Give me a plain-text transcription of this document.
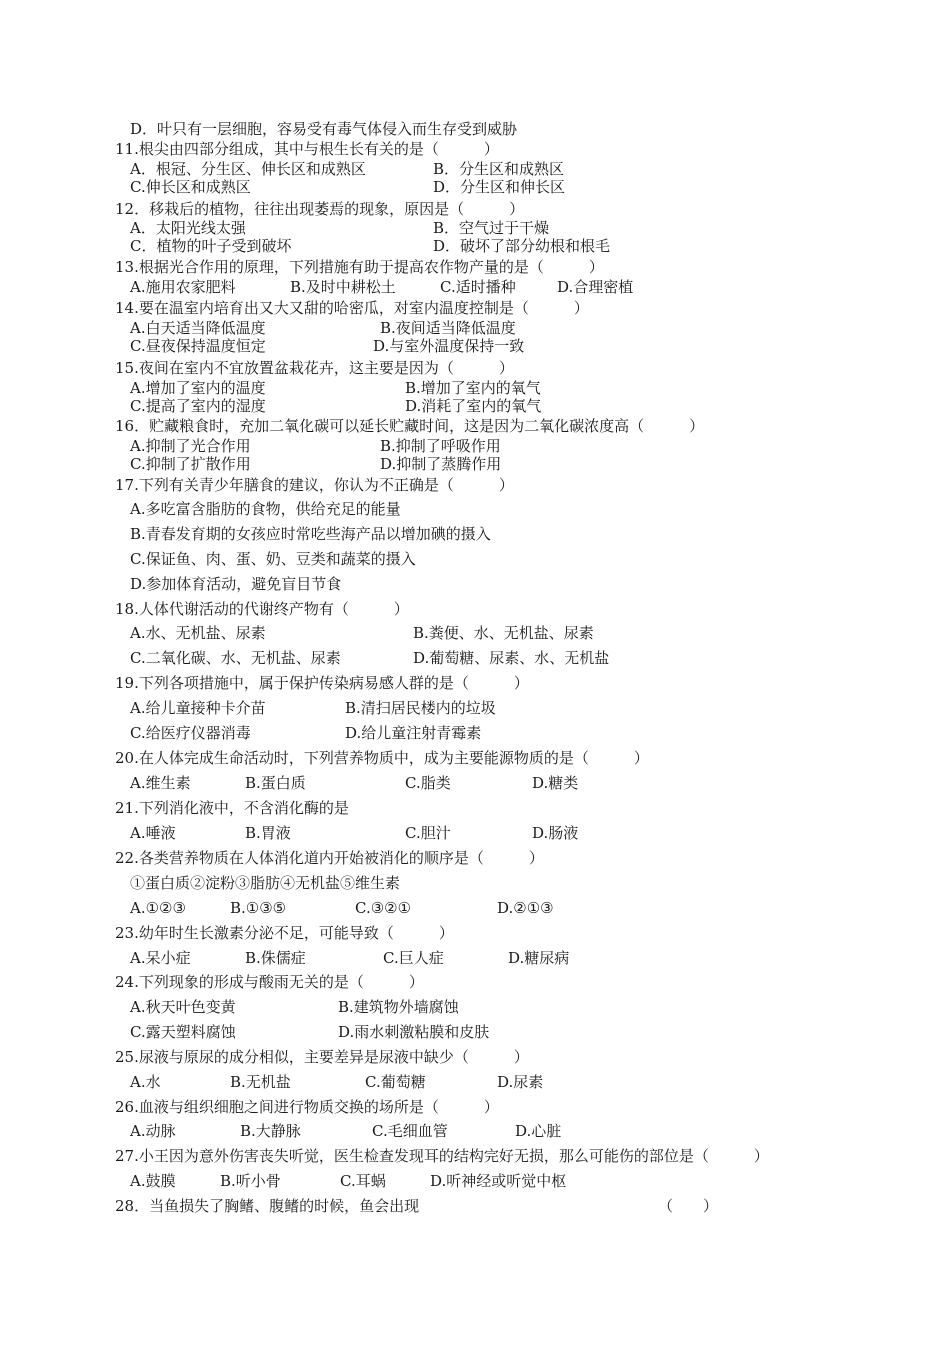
D．叶只有一层细胞，容易受有毒气体侵入而生存受到威胁
11.根尖由四部分组成，其中与根生长有关的是（　　　）
A．根冠、分生区、伸长区和成熟区	B．分生区和成熟区
C.伸长区和成熟区	D．分生区和伸长区
12．移栽后的植物，往往出现萎焉的现象，原因是（　　　）
A．太阳光线太强	B．空气过于干燥
C．植物的叶子受到破坏	D．破坏了部分幼根和根毛
13.根据光合作用的原理，下列措施有助于提高农作物产量的是（　　　）
A.施用农家肥料	B.及时中耕松土	C.适时播种	D.合理密植
14.要在温室内培育出又大又甜的哈密瓜，对室内温度控制是（　　　）
A.白天适当降低温度	B.夜间适当降低温度
C.昼夜保持温度恒定	D.与室外温度保持一致
15.夜间在室内不宜放置盆栽花卉，这主要是因为（　　　）
A.增加了室内的温度	B.增加了室内的氧气
C.提高了室内的湿度	D.消耗了室内的氧气
16．贮藏粮食时，充加二氧化碳可以延长贮藏时间，这是因为二氧化碳浓度高（　　　）
A.抑制了光合作用	B.抑制了呼吸作用
C.抑制了扩散作用	D.抑制了蒸腾作用
17.下列有关青少年膳食的建议，你认为不正确是（　　　）
A.多吃富含脂肪的食物，供给充足的能量
B.青春发育期的女孩应时常吃些海产品以增加碘的摄入
C.保证鱼、肉、蛋、奶、豆类和蔬菜的摄入
D.参加体育活动，避免盲目节食
18.人体代谢活动的代谢终产物有（　　　）
A.水、无机盐、尿素	B.粪便、水、无机盐、尿素
C.二氧化碳、水、无机盐、尿素	D.葡萄糖、尿素、水、无机盐
19.下列各项措施中，属于保护传染病易感人群的是（　　　）
A.给儿童接种卡介苗	B.清扫居民楼内的垃圾
C.给医疗仪器消毒	D.给儿童注射青霉素
20.在人体完成生命活动时，下列营养物质中，成为主要能源物质的是（　　　）
A.维生素	B.蛋白质	C.脂类	D.糖类
21.下列消化液中，不含消化酶的是
A.唾液	B.胃液	C.胆汁	D.肠液
22.各类营养物质在人体消化道内开始被消化的顺序是（　　　）
①蛋白质②淀粉③脂肪④无机盐⑤维生素
A.①②③	B.①③⑤	C.③②①	D.②①③
23.幼年时生长激素分泌不足，可能导致（　　　）
A.呆小症	B.侏儒症	C.巨人症	D.糖尿病
24.下列现象的形成与酸雨无关的是（　　　）
A.秋天叶色变黄	B.建筑物外墙腐蚀
C.露天塑料腐蚀	D.雨水刺激粘膜和皮肤
25.尿液与原尿的成分相似，主要差异是尿液中缺少（　　　）
A.水	B.无机盐	C.葡萄糖	D.尿素
26.血液与组织细胞之间进行物质交换的场所是（　　　）
A.动脉	B.大静脉	C.毛细血管	D.心脏
27.小王因为意外伤害丧失听觉，医生检查发现耳的结构完好无损，那么可能伤的部位是（　　　）
A.鼓膜	B.听小骨	C.耳蜗	D.听神经或听觉中枢
28．当鱼损失了胸鳍、腹鳍的时候，鱼会出现	（　　）
